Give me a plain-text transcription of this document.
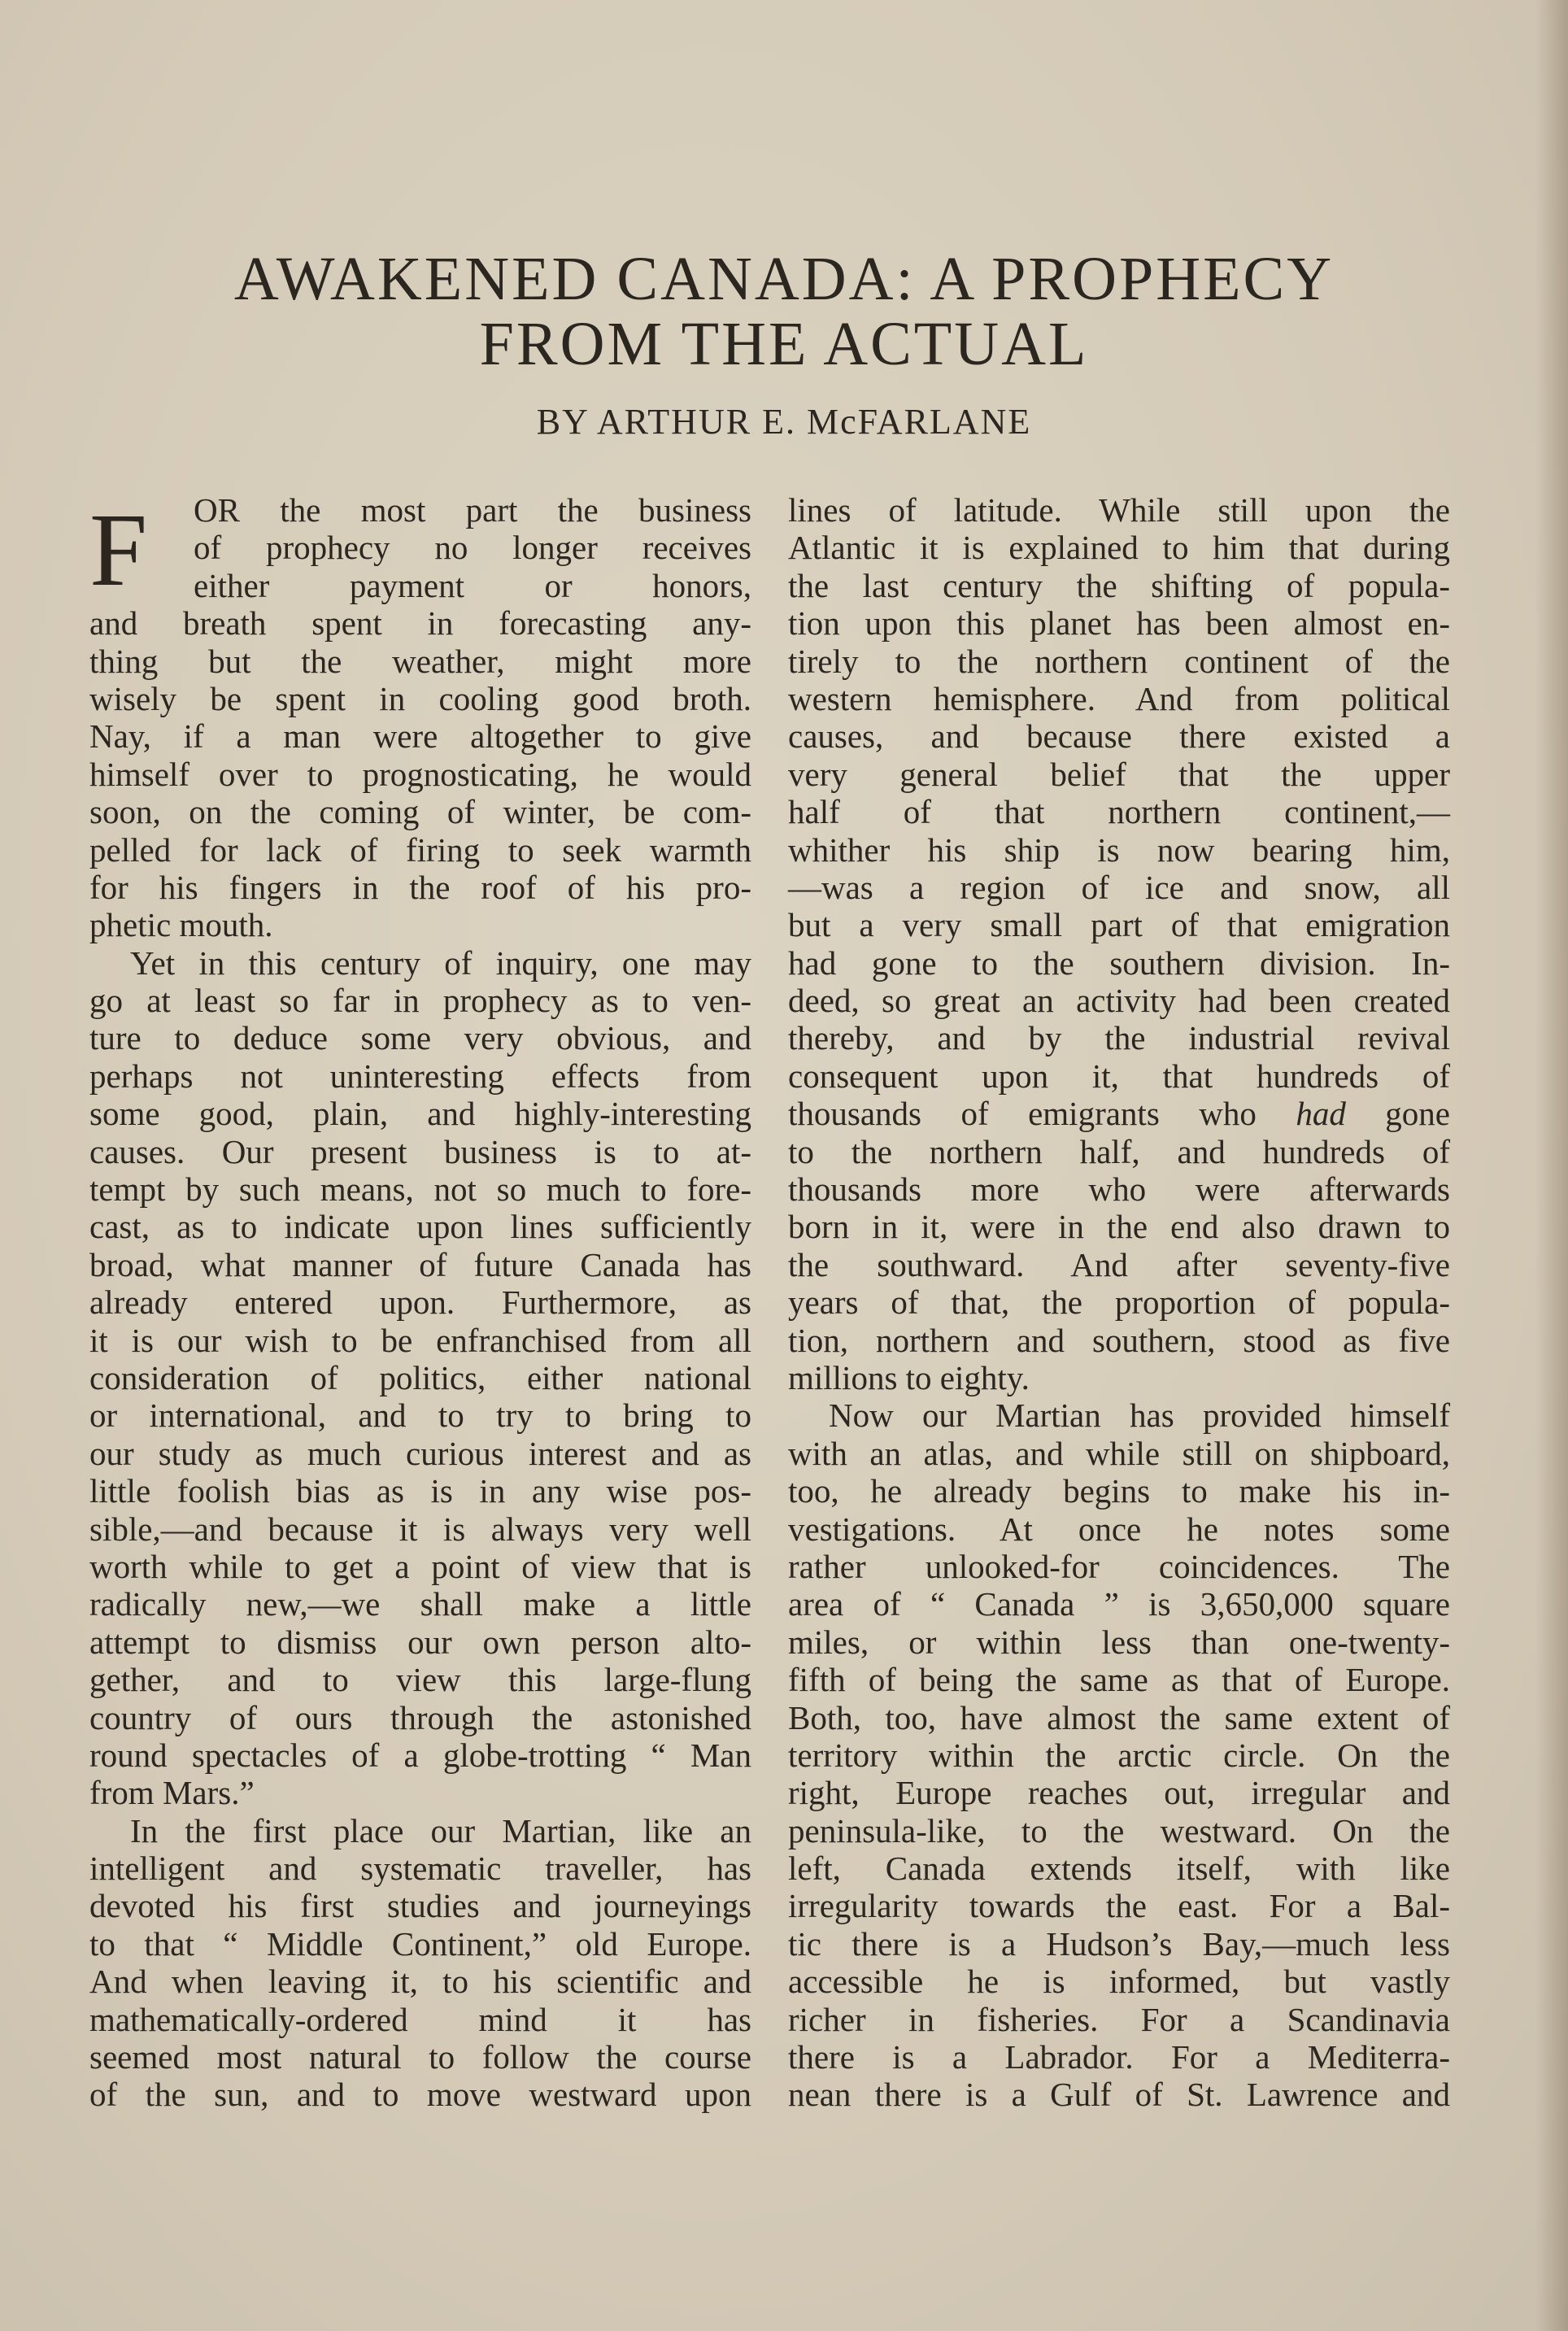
AWAKENED CANADA: A PROPHECY
FROM THE ACTUAL
BY ARTHUR E. McFARLANE
F	OR the most part the business
of prophecy no longer receives
either payment or honors,
and breath spent in forecasting any-
thing but the weather, might more
wisely be spent in cooling good broth.
Nay, if a man were altogether to give
himself over to prognosticating, he would
soon, on the coming of winter, be com-
pelled for lack of firing to seek warmth
for his fingers in the roof of his pro-
phetic mouth.
Yet in this century of inquiry, one may
go at least so far in prophecy as to ven-
ture to deduce some very obvious, and
perhaps not uninteresting effects from
some good, plain, and highly-interesting
causes. Our present business is to at-
tempt by such means, not so much to fore-
cast, as to indicate upon lines sufficiently
broad, what manner of future Canada has
already entered upon. Furthermore, as
it is our wish to be enfranchised from all
consideration of politics, either national
or international, and to try to bring to
our study as much curious interest and as
little foolish bias as is in any wise pos-
sible,—and because it is always very well
worth while to get a point of view that is
radically new,—we shall make a little
attempt to dismiss our own person alto-
gether, and to view this large-flung
country of ours through the astonished
round spectacles of a globe-trotting “ Man
from Mars.”
In the first place our Martian, like an
intelligent and systematic traveller, has
devoted his first studies and journeyings
to that “ Middle Continent,” old Europe.
And when leaving it, to his scientific and
mathematically-ordered mind it has
seemed most natural to follow the course
of the sun, and to move westward upon
lines of latitude. While still upon the
Atlantic it is explained to him that during
the last century the shifting of popula-
tion upon this planet has been almost en-
tirely to the northern continent of the
western hemisphere. And from political
causes, and because there existed a
very general belief that the upper
half of that northern continent,—
whither his ship is now bearing him,
—was a region of ice and snow, all
but a very small part of that emigration
had gone to the southern division. In-
deed, so great an activity had been created
thereby, and by the industrial revival
consequent upon it, that hundreds of
thousands of emigrants who had gone
to the northern half, and hundreds of
thousands more who were afterwards
born in it, were in the end also drawn to
the southward. And after seventy-five
years of that, the proportion of popula-
tion, northern and southern, stood as five
millions to eighty.
Now our Martian has provided himself
with an atlas, and while still on shipboard,
too, he already begins to make his in-
vestigations. At once he notes some
rather unlooked-for coincidences. The
area of “ Canada ” is 3,650,000 square
miles, or within less than one-twenty-
fifth of being the same as that of Europe.
Both, too, have almost the same extent of
territory within the arctic circle. On the
right, Europe reaches out, irregular and
peninsula-like, to the westward. On the
left, Canada extends itself, with like
irregularity towards the east. For a Bal-
tic there is a Hudson’s Bay,—much less
accessible he is informed, but vastly
richer in fisheries. For a Scandinavia
there is a Labrador. For a Mediterra-
nean there is a Gulf of St. Lawrence and
